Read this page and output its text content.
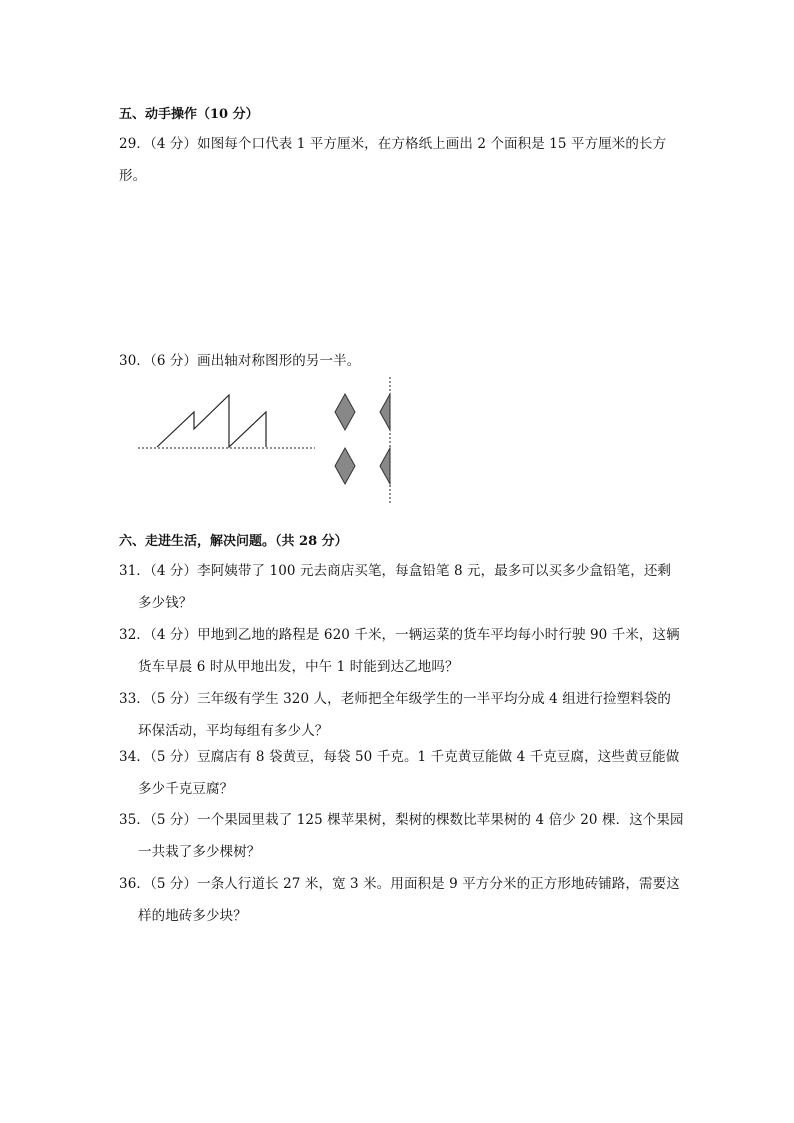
五、动手操作（10 分）
29．（4 分）如图每个口代表 1 平方厘米，在方格纸上画出 2 个面积是 15 平方厘米的长方形。
30．（6 分）画出轴对称图形的另一半。
六、走进生活，解决问题。（共 28 分）
31．（4 分）李阿姨带了 100 元去商店买笔，每盒铅笔 8 元，最多可以买多少盒铅笔，还剩
多少钱？
32．（4 分）甲地到乙地的路程是 620 千米，一辆运菜的货车平均每小时行驶 90 千米，这辆
货车早晨 6 时从甲地出发，中午 1 时能到达乙地吗？
33．（5 分）三年级有学生 320 人，老师把全年级学生的一半平均分成 4 组进行捡塑料袋的
环保活动，平均每组有多少人？
34．（5 分）豆腐店有 8 袋黄豆，每袋 50 千克。1 千克黄豆能做 4 千克豆腐，这些黄豆能做
多少千克豆腐？
35．（5 分）一个果园里栽了 125 棵苹果树，梨树的棵数比苹果树的 4 倍少 20 棵．这个果园
一共栽了多少棵树？
36．（5 分）一条人行道长 27 米，宽 3 米。用面积是 9 平方分米的正方形地砖铺路，需要这
样的地砖多少块？
